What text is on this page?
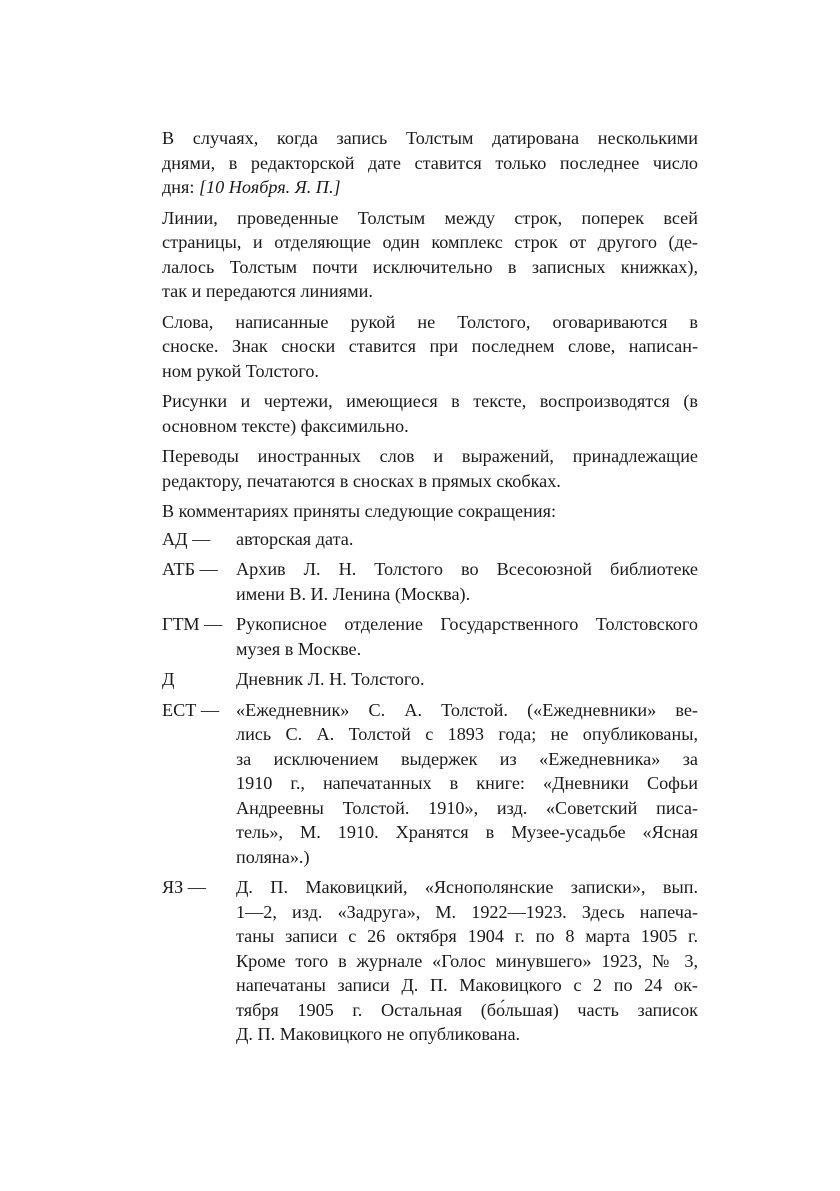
В случаях, когда запись Толстым датирована несколькими
днями, в редакторской дате ставится только последнее число
дня: [10 Ноября. Я. П.]

Линии, проведенные Толстым между строк, поперек всей
страницы, и отделяющие один комплекс строк от другого (де-
лалось Толстым почти исключительно в записных книжках),
так и передаются линиями.

Слова, написанные рукой не Толстого, оговариваются в
сноске. Знак сноски ставится при последнем слове, написан-
ном рукой Толстого.

Рисунки и чертежи, имеющиеся в тексте, воспроизводятся (в
основном тексте) факсимильно.

Переводы иностранных слов и выражений, принадлежащие
редактору, печатаются в сносках в прямых скобках.

В комментариях приняты следующие сокращения:
АД —	авторская дата.
АТБ — Архив Л. Н. Толстого во Всесоюзной библиотеке
имени В. И. Ленина (Москва).
ГТМ — Рукописное отделение Государственного Толстовского
музея в Москве.
Д	Дневник Л. Н. Толстого.
ЕСТ — «Ежедневник» С. А. Толстой. («Ежедневники» ве-
лись С. А. Толстой с 1893 года; не опубликованы,
за исключением выдержек из «Ежедневника» за
1910 г., напечатанных в книге: «Дневники Софьи
Андреевны Толстой. 1910», изд. «Советский писа-
тель», М. 1910. Хранятся в Музее-усадьбе «Ясная
поляна».)
ЯЗ —	Д. П. Маковицкий, «Яснополянские записки», вып.
1—2, изд. «Задруга», М. 1922—1923. Здесь напеча-
таны записи с 26 октября 1904 г. по 8 марта 1905 г.
Кроме того в журнале «Голос минувшего» 1923, № 3,
напечатаны записи Д. П. Маковицкого с 2 по 24 ок-
тября 1905 г. Остальная (бо́льшая) часть записок
Д. П. Маковицкого не опубликована.
